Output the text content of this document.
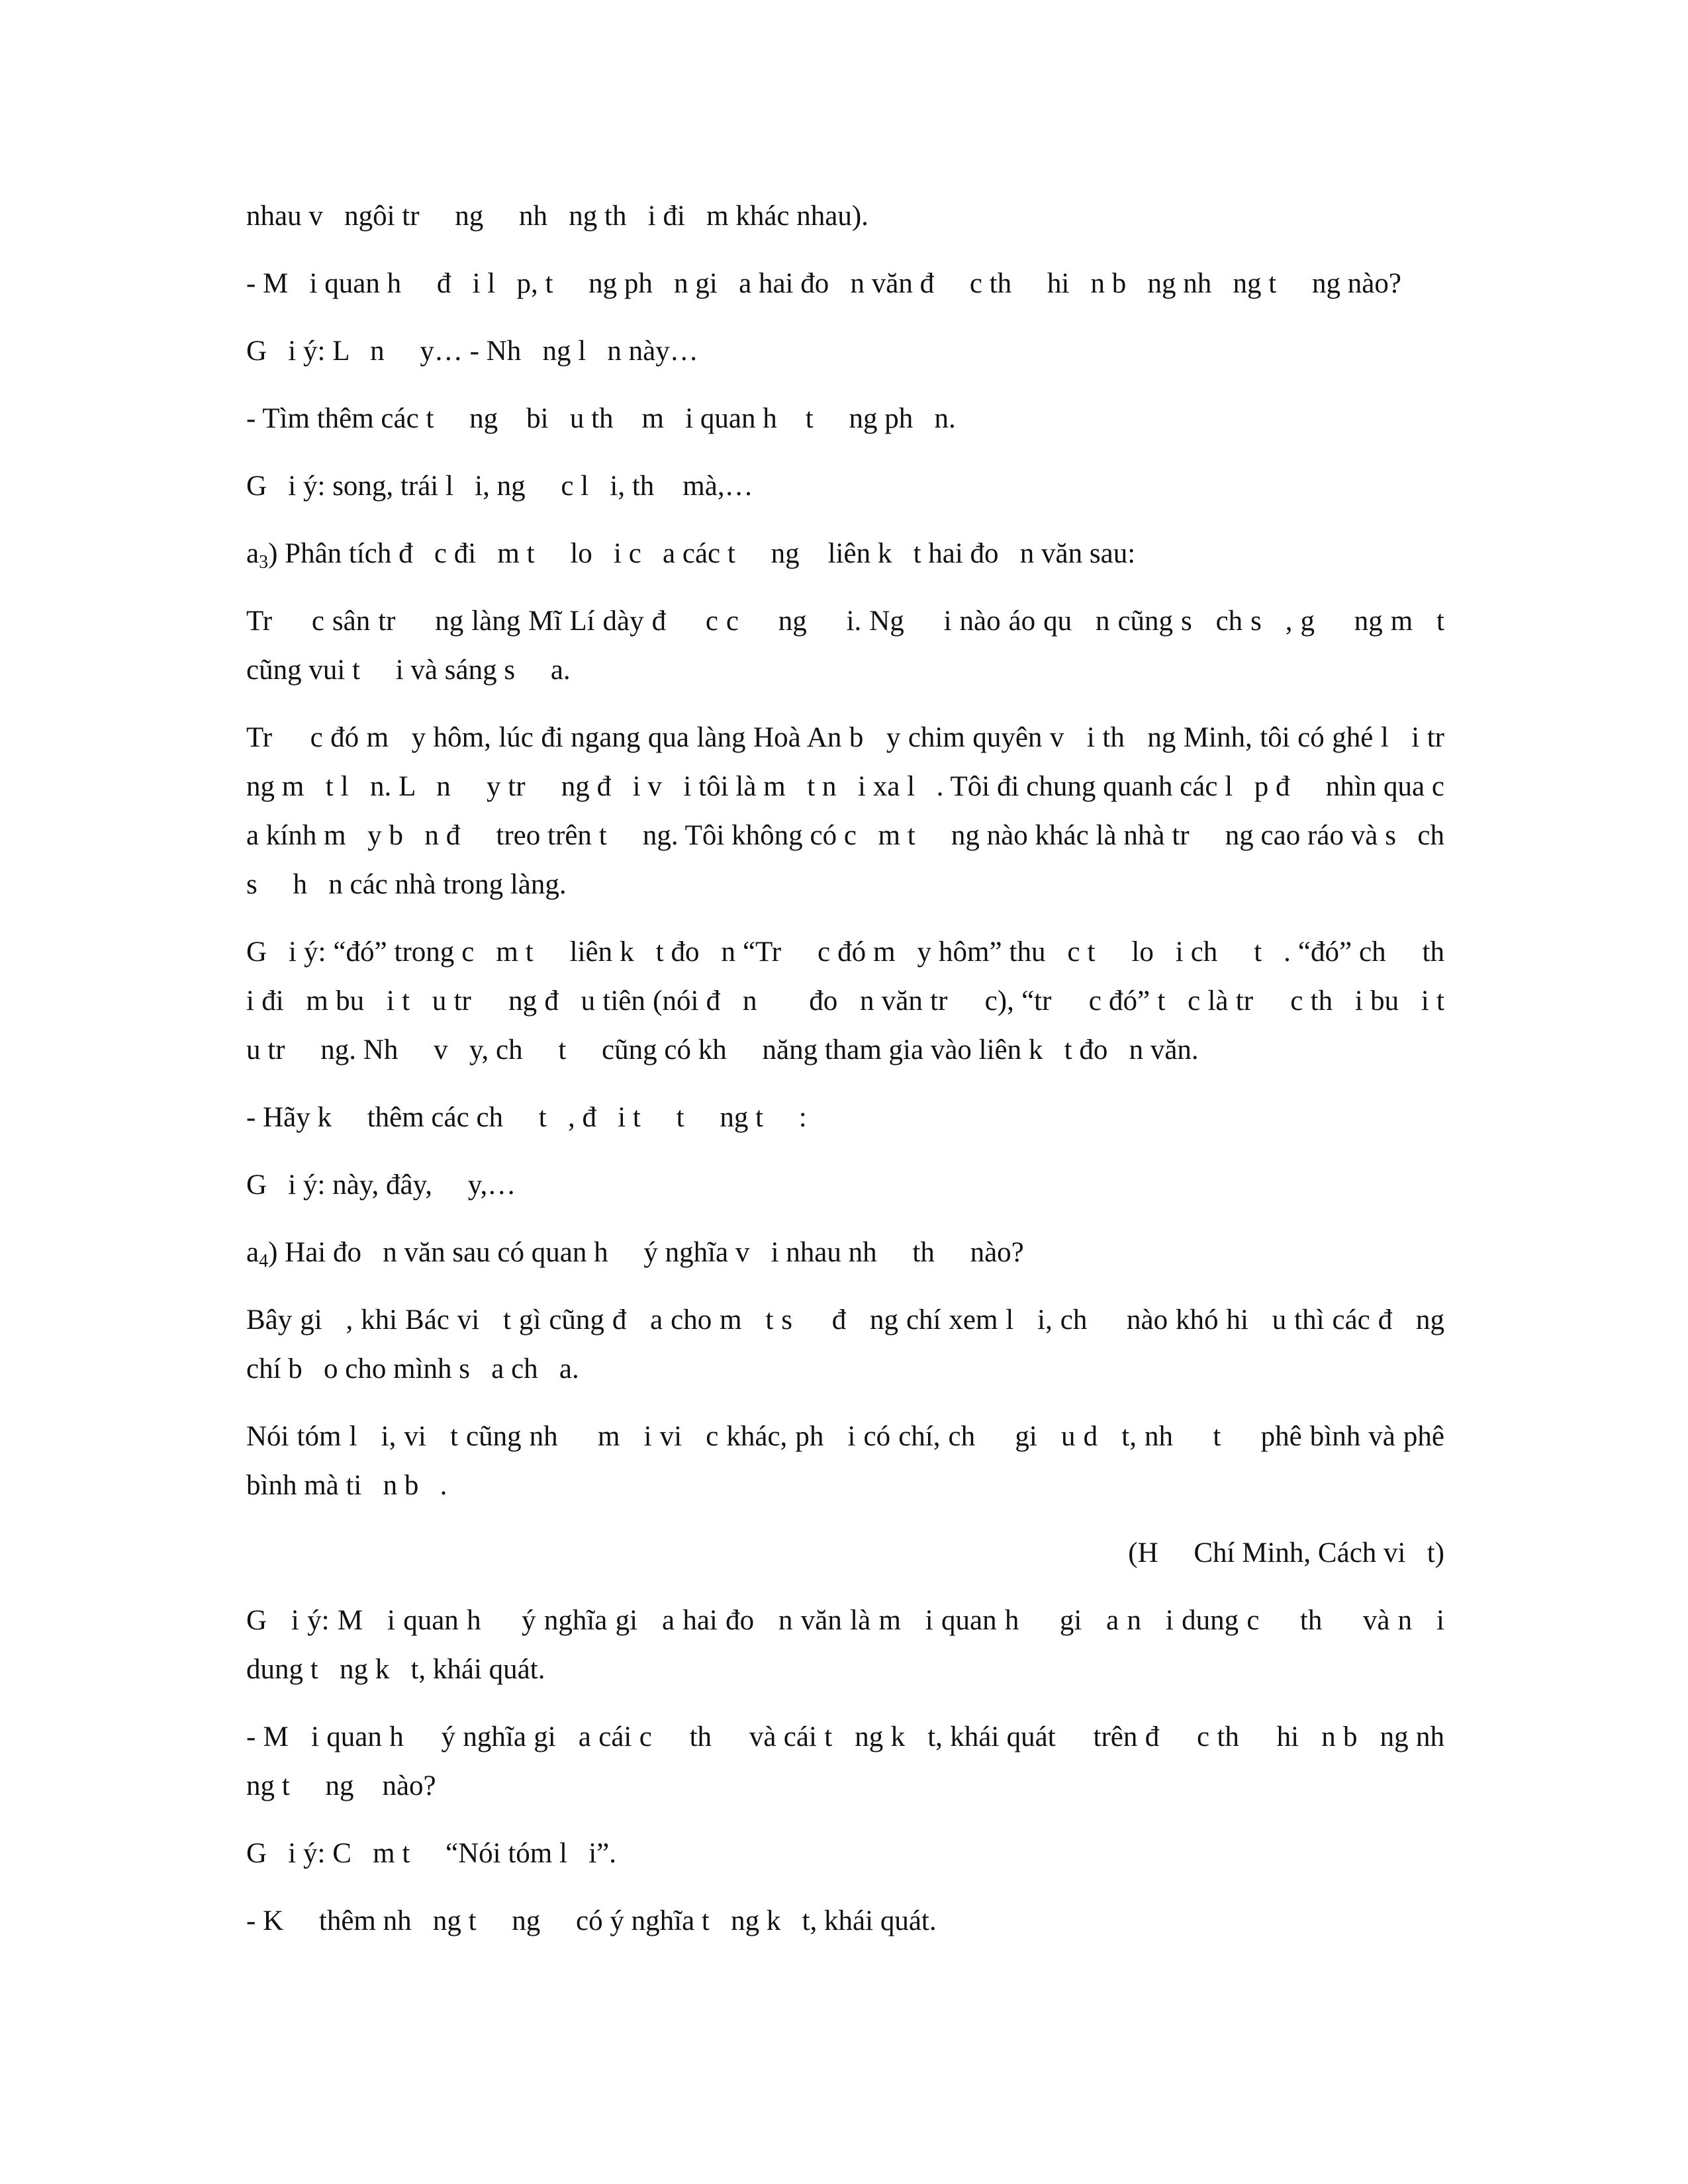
nhau v   ngôi tr     ng     nh   ng th   i đi   m khác nhau).

- M   i quan h     đ   i l   p, t     ng ph   n gi   a hai đo   n văn đ     c th     hi   n b   ng nh   ng t     ng nào?

G   i ý: L   n     y… - Nh   ng l   n này…

- Tìm thêm các t     ng    bi   u th    m   i quan h    t     ng ph   n.

G   i ý: song, trái l   i, ng     c l   i, th    mà,…

$a_3$) Phân tích đ   c đi   m t     lo   i c   a các t     ng    liên k   t hai đo   n văn sau:

Tr     c sân tr     ng làng Mĩ Lí dày đ     c c     ng     i. Ng     i nào áo qu   n cũng s   ch s   , g     ng m   t cũng vui t     i và sáng s     a.

Tr     c đó m   y hôm, lúc đi ngang qua làng Hoà An b   y chim quyên v   i th   ng Minh, tôi có ghé l   i tr     ng m   t l   n. L   n     y tr     ng đ   i v   i tôi là m   t n   i xa l   . Tôi đi chung quanh các l   p đ     nhìn qua c   a kính m   y b   n đ     treo trên t     ng. Tôi không có c   m t     ng nào khác là nhà tr     ng cao ráo và s   ch s     h   n các nhà trong làng.

G   i ý: “đó” trong c   m t     liên k   t đo   n “Tr     c đó m   y hôm” thu   c t     lo   i ch     t   . “đó” ch     th   i đi   m bu   i t   u tr     ng đ   u tiên (nói đ   n       đo   n văn tr     c), “tr     c đó” t   c là tr     c th   i bu   i t   u tr     ng. Nh     v   y, ch     t     cũng có kh     năng tham gia vào liên k   t đo   n văn.

- Hãy k     thêm các ch     t   , đ   i t     t     ng t     :

G   i ý: này, đây,     y,…

$a_4$) Hai đo   n văn sau có quan h     ý nghĩa v   i nhau nh     th     nào?

Bây gi   , khi Bác vi   t gì cũng đ   a cho m   t s     đ   ng chí xem l   i, ch     nào khó hi   u thì các đ   ng chí b   o cho mình s   a ch   a.

Nói tóm l   i, vi   t cũng nh     m   i vi   c khác, ph   i có chí, ch     gi   u d   t, nh     t     phê bình và phê bình mà ti   n b   .

(H     Chí Minh, Cách vi   t)

G   i ý: M   i quan h     ý nghĩa gi   a hai đo   n văn là m   i quan h     gi   a n   i dung c     th     và n   i dung t   ng k   t, khái quát.

- M   i quan h     ý nghĩa gi   a cái c     th     và cái t   ng k   t, khái quát     trên đ     c th     hi   n b   ng nh   ng t     ng    nào?

G   i ý: C   m t     “Nói tóm l   i”.

- K     thêm nh   ng t     ng     có ý nghĩa t   ng k   t, khái quát.
